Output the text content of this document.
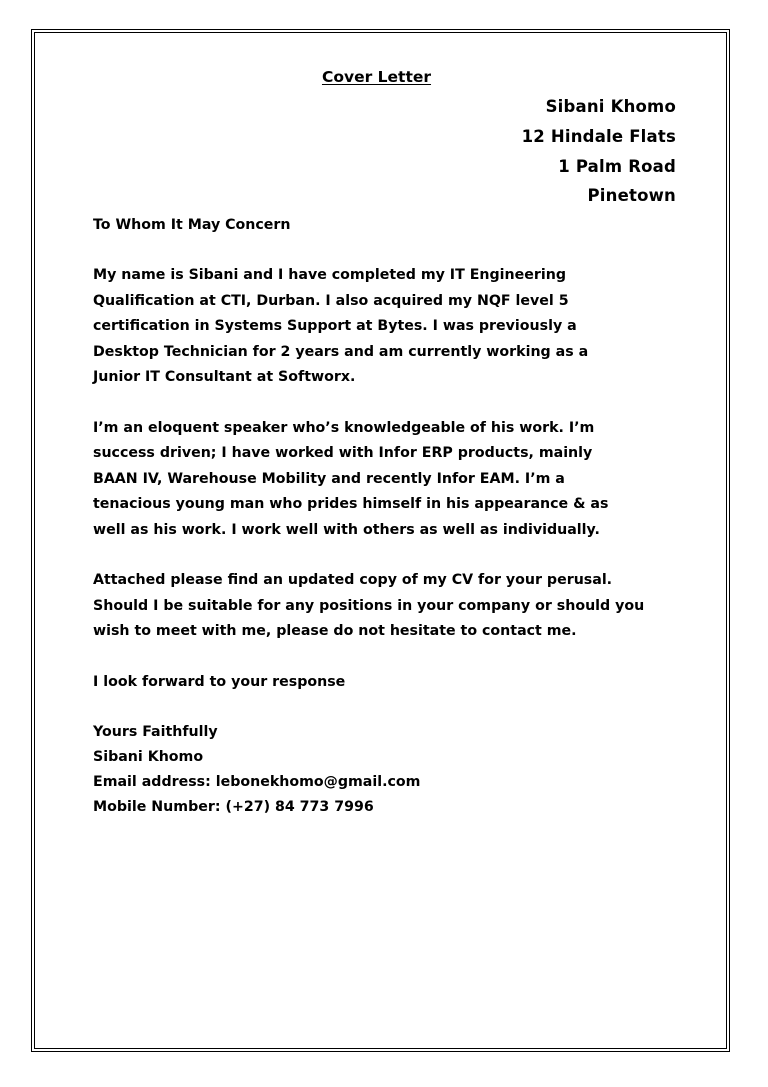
Cover Letter
Sibani Khomo
12 Hindale Flats
1 Palm Road
Pinetown
To Whom It May Concern
My name is Sibani and I have completed my IT Engineering
Qualification at CTI, Durban. I also acquired my NQF level 5
certification in Systems Support at Bytes. I was previously a
Desktop Technician for 2 years and am currently working as a
Junior IT Consultant at Softworx.
I’m an eloquent speaker who’s knowledgeable of his work. I’m
success driven; I have worked with Infor ERP products, mainly
BAAN IV, Warehouse Mobility and recently Infor EAM. I’m a
tenacious young man who prides himself in his appearance & as
well as his work. I work well with others as well as individually.
Attached please find an updated copy of my CV for your perusal.
Should I be suitable for any positions in your company or should you
wish to meet with me, please do not hesitate to contact me.
I look forward to your response
Yours Faithfully
Sibani Khomo
Email address: lebonekhomo@gmail.com
Mobile Number: (+27) 84 773 7996
